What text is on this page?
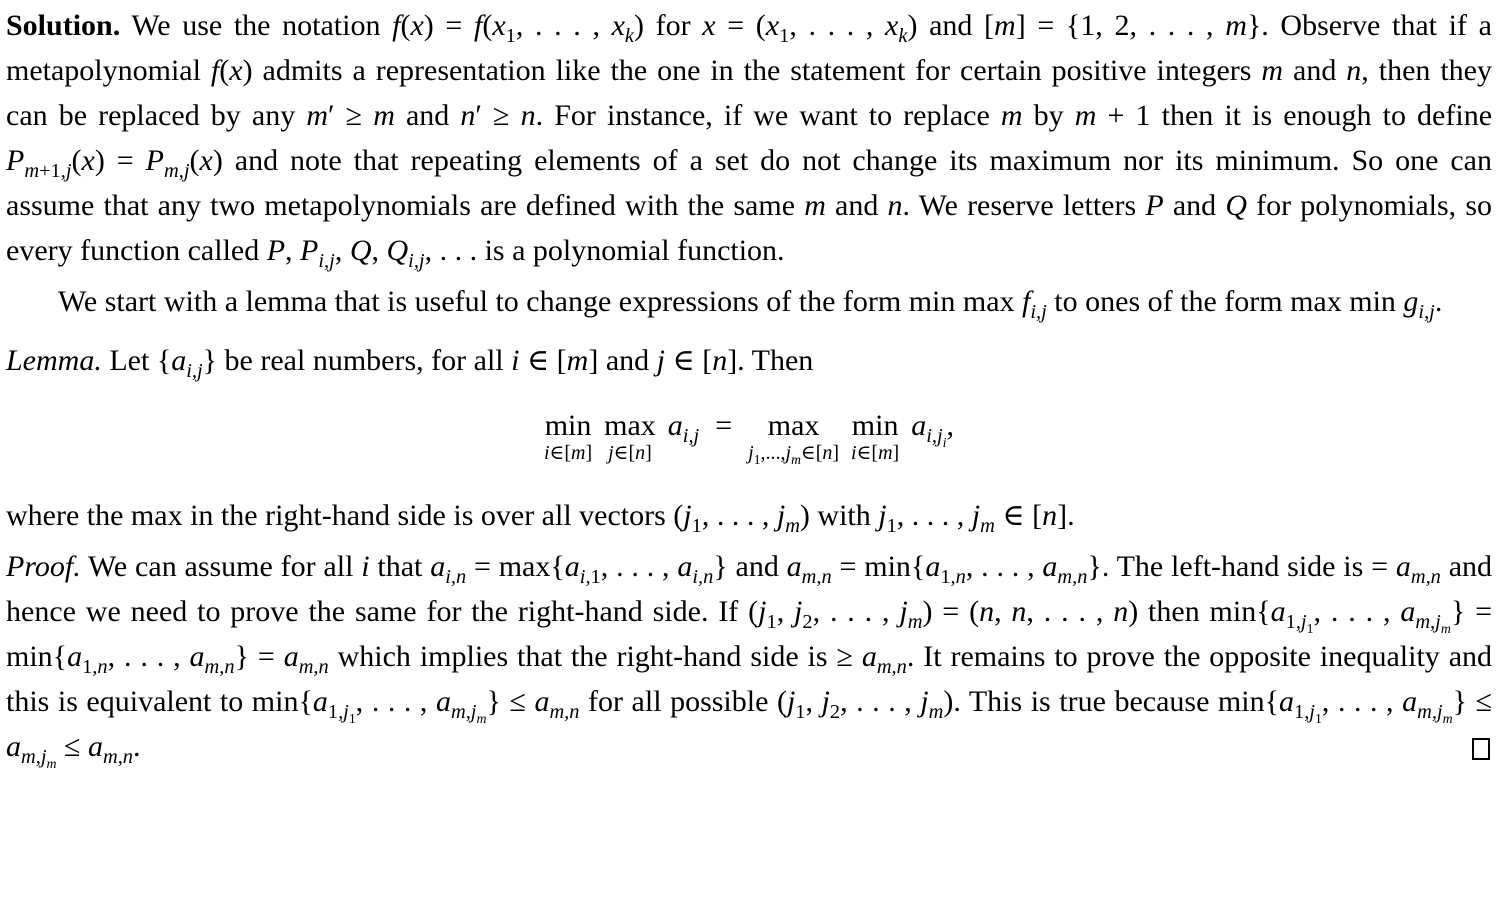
Solution. We use the notation $f(x) = f(x_1$, . . . , $x_k$) for $x = (x_1$, . . . , $x_k$) and [m] = {1, 2, . . . , m}. Observe that if a metapolynomial f(x) admits a representation like the one in the statement for certain positive integers m and n, then they can be replaced by any m′ ≥ m and n′ ≥ n. For instance, if we want to replace m by m + 1 then it is enough to define $P_{m+1,j}(x) = P_{m,j}(x)$ and note that repeating elements of a set do not change its maximum nor its minimum. So one can assume that any two metapolynomials are defined with the same m and n. We reserve letters P and Q for polynomials, so every function called P, $P_{i,j}$, Q, $Q_{i,j}$, . . . is a polynomial function.

We start with a lemma that is useful to change expressions of the form $\min \max f_{i,j}$ to ones of the form $\max \min g_{i,j}$.

Lemma. Let $\{a_{i,j}\}$ be real numbers, for all i ∈ [m] and j ∈ [n]. Then

min
i∈[m]
max
j∈[n]
$a_{i,j} = \max$
$j_1,...,j_m\in[n]$
min
i∈[m]
$a_{i,j_i}$,

where the max in the right-hand side is over all vectors ($j_1$, . . . , $j_m$) with $j_1$, . . . , $j_m$ ∈ [n].

Proof. We can assume for all i that $a_{i,n} = \max\{a_{i,1}$, . . . , $a_{i,n}$} and $a_{m,n} = \min\{a_{1,n}$, . . . , $a_{m,n}$}. The left-hand side is = $a_{m,n}$ and hence we need to prove the same for the right-hand side. If ($j_1$, $j_2$, . . . , $j_m) = (n$, n, . . . , n) then $\min\{a_{1,j_1}$, . . . , $a_{m,j_m}\} = \min\{a_{1,n}$, . . . , $a_{m,n}\} = a_{m,n}$ which implies that the right-hand side is ≥ $a_{m,n}$. It remains to prove the opposite inequality and this is equivalent to $\min\{a_{1,j_1}$, . . . , $a_{m,j_m}\} \le a_{m,n}$ for all possible ($j_1$, $j_2$, . . . , $j_m$). This is true because $\min\{a_{1,j_1}$, . . . , $a_{m,j_m}\} \le a_{m,j_m} \le a_{m,n}$.
